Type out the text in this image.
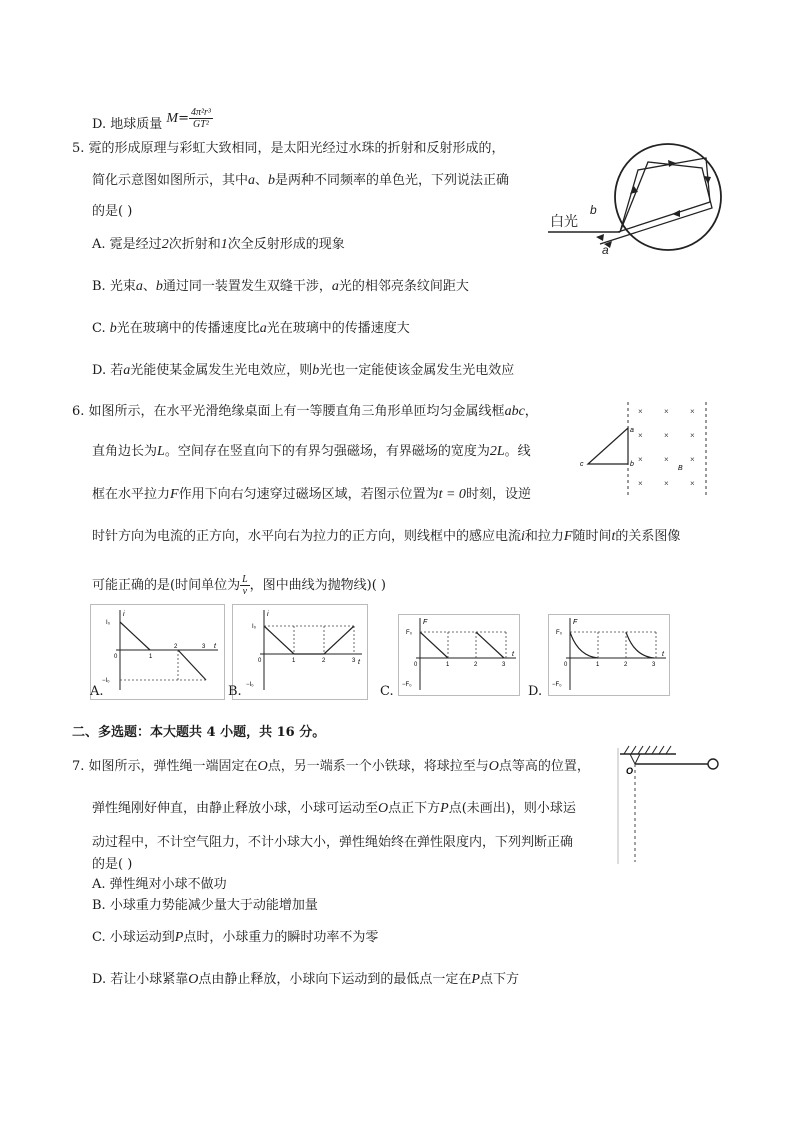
D. 地球质量 $M= \frac{\text{4π²r³}}{\text{GT²}}$
5. 霓的形成原理与彩虹大致相同，是太阳光经过水珠的折射和反射形成的，
简化示意图如图所示，其中a、b是两种不同频率的单色光，下列说法正确
的是( )
A. 霓是经过2次折射和1次全反射形成的现象
B. 光束a、b通过同一装置发生双缝干涉，a光的相邻亮条纹间距大
C. b光在玻璃中的传播速度比a光在玻璃中的传播速度大
D. 若a光能使某金属发生光电效应，则b光也一定能使该金属发生光电效应
白光
b
a
6. 如图所示，在水平光滑绝缘桌面上有一等腰直角三角形单匝均匀金属线框abc，
直角边长为L。空间存在竖直向下的有界匀强磁场，有界磁场的宽度为2L。线
框在水平拉力F作用下向右匀速穿过磁场区域，若图示位置为t = 0时刻，设逆
时针方向为电流的正方向，水平向右为拉力的正方向，则线框中的感应电流i和拉力F随时间t的关系图像
可能正确的是(时间单位为 $\frac{L}{v}$ ，图中曲线为抛物线)( )
a
b
c
B
×	×	×
×	×	×
×	×	×
×	×	×
i
I₀
−I₀
t
0	1
2	3
A.
i
I₀
−I₀
t
0	1	2	3
B.
F
F₀
−F₀
t
0	1	2	3
C.
F
F₀
−F₀
t
0	1	2	3
D.
二、多选题：本大题共 4 小题，共 16 分。
7. 如图所示，弹性绳一端固定在O点，另一端系一个小铁球，将球拉至与O点等高的位置，
弹性绳刚好伸直，由静止释放小球，小球可运动至O点正下方P点(未画出)，则小球运
动过程中，不计空气阻力，不计小球大小，弹性绳始终在弹性限度内，下列判断正确
的是( )
A. 弹性绳对小球不做功
B. 小球重力势能减少量大于动能增加量
C. 小球运动到P点时，小球重力的瞬时功率不为零
D. 若让小球紧靠O点由静止释放，小球向下运动到的最低点一定在P点下方
O
